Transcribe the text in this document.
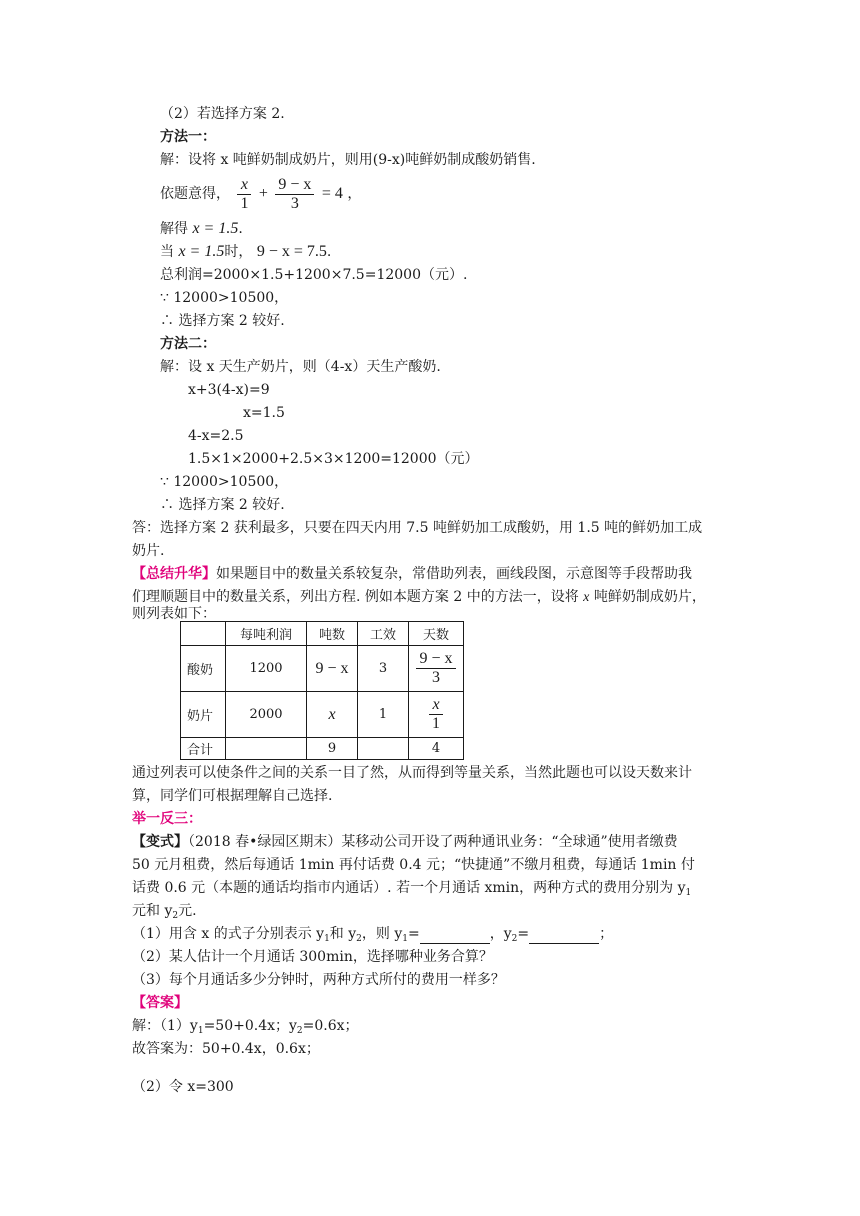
（2）若选择方案 2.
方法一：
解：设将 x 吨鲜奶制成奶片，则用(9-x)吨鲜奶制成酸奶销售.
依题意得， $\frac{x}{1} + \frac{9 - x}{3} = 4$ ，
解得 x = 1.5.
当 x = 1.5时， 9 − x = 7.5.
总利润=2000×1.5+1200×7.5=12000（元）.
∵ 12000>10500，
∴ 选择方案 2 较好.
方法二：
解：设 x 天生产奶片，则（4-x）天生产酸奶.
x+3(4-x)=9
x=1.5
4-x=2.5
1.5×1×2000+2.5×3×1200=12000（元）
∵ 12000>10500，
∴ 选择方案 2 较好.
答：选择方案 2 获利最多，只要在四天内用 7.5 吨鲜奶加工成酸奶，用 1.5 吨的鲜奶加工成
奶片.
【总结升华】如果题目中的数量关系较复杂，常借助列表，画线段图，示意图等手段帮助我
们理顺题目中的数量关系，列出方程. 例如本题方案 2 中的方法一，设将 x 吨鲜奶制成奶片，
则列表如下：
	每吨利润	吨数	工效	天数
酸奶	1200	9 − x	3	$\frac{9 - x}{3}$

奶片	2000	x	1	$\frac{x}{1}$

合计		9		4
通过列表可以使条件之间的关系一目了然，从而得到等量关系，当然此题也可以设天数来计
算，同学们可根据理解自己选择.
举一反三：
【变式】（2018 春•绿园区期末）某移动公司开设了两种通讯业务：“全球通”使用者缴费
50 元月租费，然后每通话 1min 再付话费 0.4 元；“快捷通”不缴月租费，每通话 1min 付
话费 0.6 元（本题的通话均指市内通话）. 若一个月通话 xmin，两种方式的费用分别为 $y_1$
元和 $y_2$元.
（1）用含 x 的式子分别表示 $y_1$和 $y_2$，则 $y_1=$	，$y_2=$	；
（2）某人估计一个月通话 300min，选择哪种业务合算？
（3）每个月通话多少分钟时，两种方式所付的费用一样多？
【答案】
解：$(1)y_1=50+0.4x$；$y_2=0.6x$；
故答案为：50+0.4x，0.6x；
（2）令 x=300
